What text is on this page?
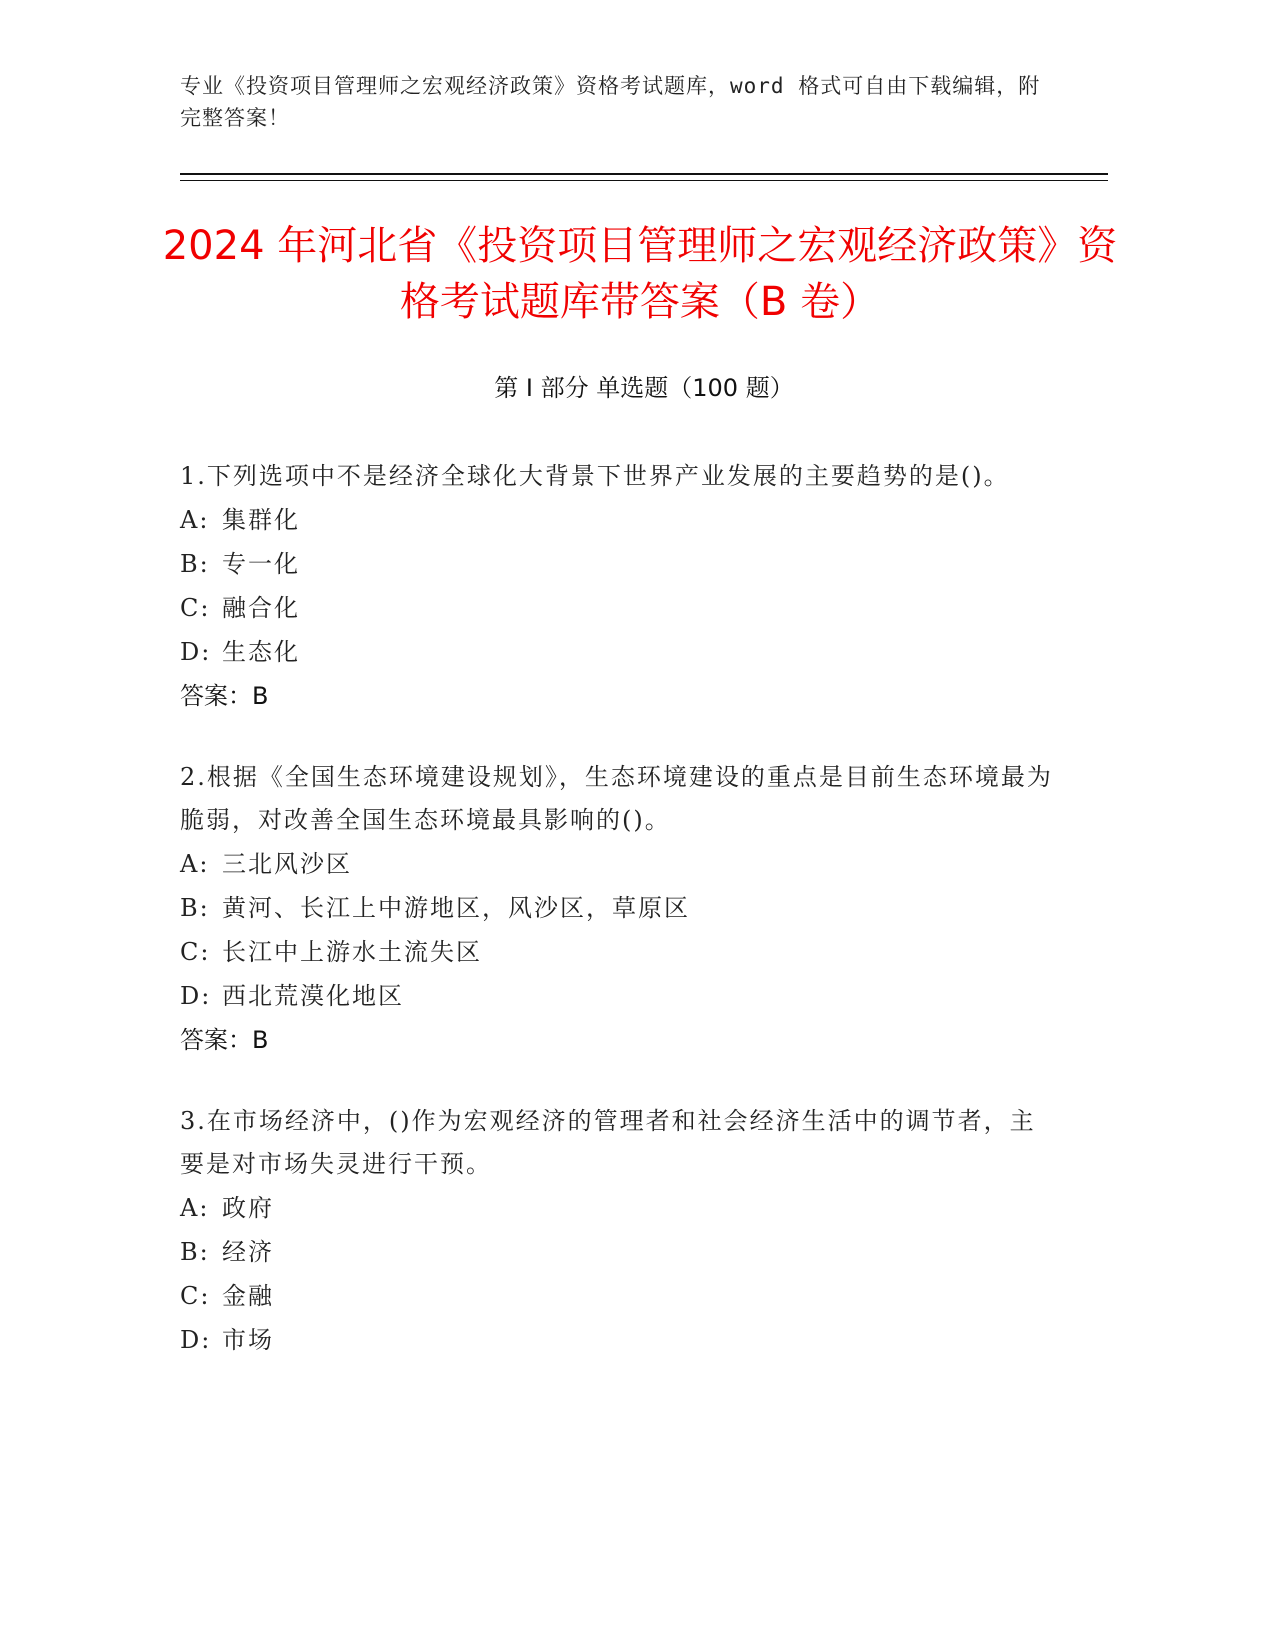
专业《投资项目管理师之宏观经济政策》资格考试题库，word 格式可自由下载编辑，附完整答案！
2024 年河北省《投资项目管理师之宏观经济政策》资格考试题库带答案（B 卷）
第 I 部分 单选题（100 题）
1.下列选项中不是经济全球化大背景下世界产业发展的主要趋势的是()。
A: 集群化
B: 专一化
C: 融合化
D: 生态化
答案：B
2.根据《全国生态环境建设规划》，生态环境建设的重点是目前生态环境最为脆弱，对改善全国生态环境最具影响的()。
A: 三北风沙区
B: 黄河、长江上中游地区，风沙区，草原区
C: 长江中上游水土流失区
D: 西北荒漠化地区
答案：B
3.在市场经济中，()作为宏观经济的管理者和社会经济生活中的调节者，主要是对市场失灵进行干预。
A: 政府
B: 经济
C: 金融
D: 市场
